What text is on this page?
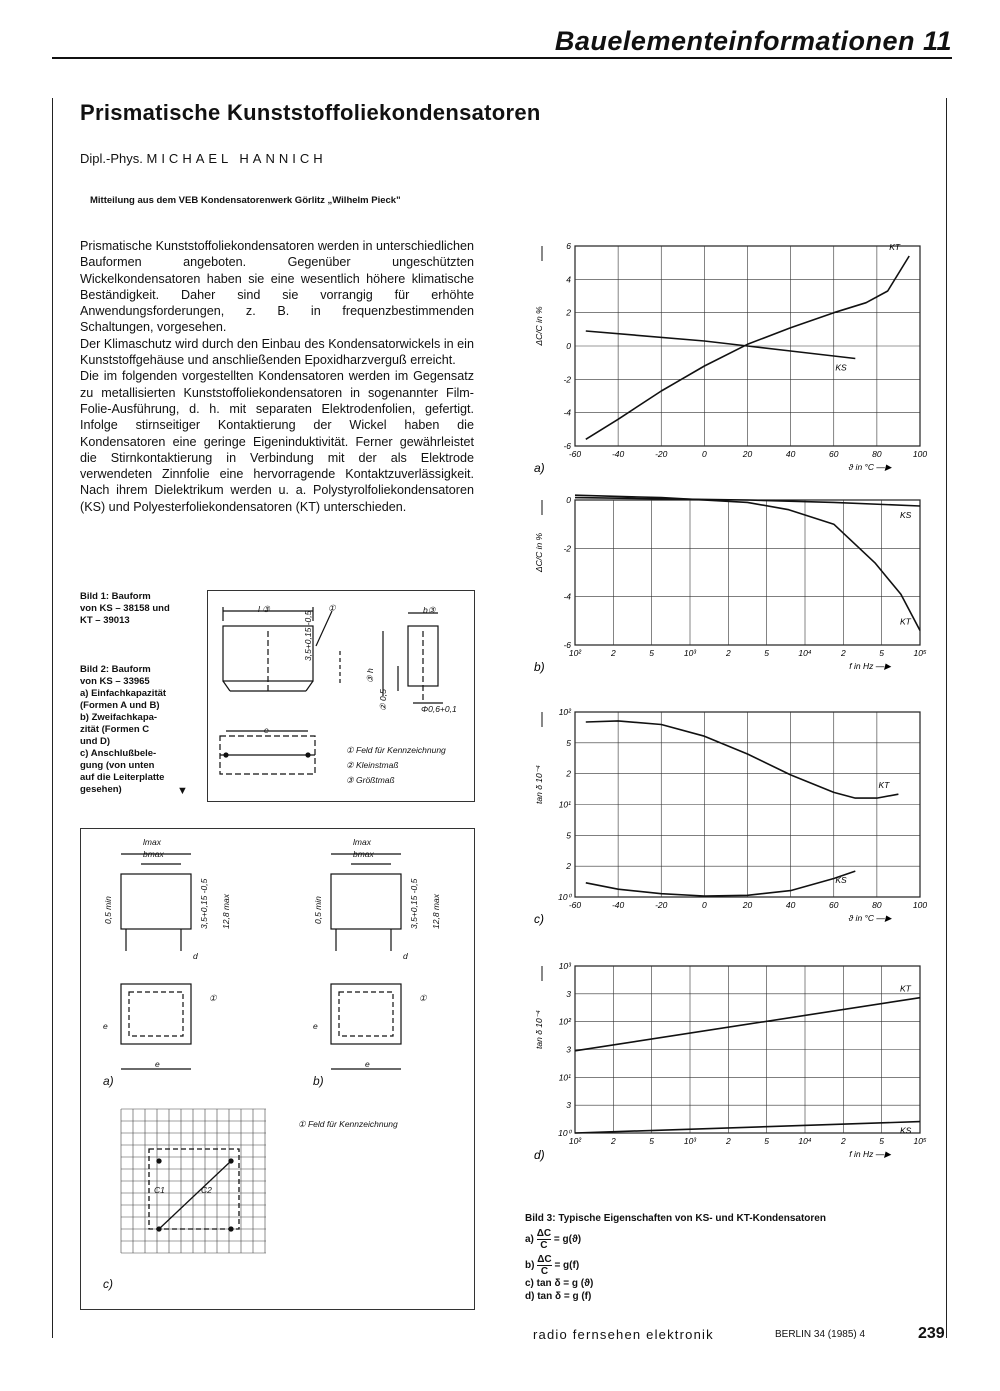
Bauelementeinformationen 11
Prismatische Kunststoffoliekondensatoren
Dipl.-Phys. MICHAEL HANNICH
Mitteilung aus dem VEB Kondensatorenwerk Görlitz „Wilhelm Pieck"

Prismatische Kunststoffoliekondensatoren werden in unterschiedlichen Bauformen angeboten. Gegenüber ungeschützten Wickelkondensatoren haben sie eine wesentlich höhere klimatische Beständigkeit. Daher sind sie vorrangig für erhöhte Anwendungsforderungen, z. B. in frequenzbestimmenden Schaltungen, vorgesehen.

Der Klimaschutz wird durch den Einbau des Kondensatorwickels in ein Kunststoffgehäuse und anschließenden Epoxidharzverguß erreicht.

Die im folgenden vorgestellten Kondensatoren werden im Gegensatz zu metallisierten Kunststoffoliekondensatoren in sogenannter Film-Folie-Ausführung, d. h. mit separaten Elektrodenfolien, gefertigt. Infolge stirnseitiger Kontaktierung der Wickel haben die Kondensatoren eine geringe Eigeninduktivität. Ferner gewährleistet die Stirnkontaktierung in Verbindung mit der als Elektrode verwendeten Zinnfolie eine hervorragende Kontaktzuverlässigkeit. Nach ihrem Dielektrikum werden u. a. Polystyrolfoliekondensatoren (KS) und Polyesterfoliekondensatoren (KT) unterschieden.

Bild 1: Bauform
von KS – 38158 und
KT – 39013
Bild 2: Bauform
von KS – 33965
a) Einfachkapazität
(Formen A und B)
b) Zweifachkapa-
zität (Formen C
und D)
c) Anschlußbele-
gung (von unten
auf die Leiterplatte
gesehen)	▼
l ③	①	b③
3,5+0,15 -0,5
③ h
② 0,5	Φ0,6+0,1
e
① Feld für Kennzeichnung
② Kleinstmaß
③ Größtmaß
lmax
bmax
lmax
bmax
12,8 max	12,8 max
3,5+0,15 -0,5	3,5+0,15 -0,5
0,5 min	0,5 min
d	d
①	①
e	e
e	e
a)	b)
c)
① Feld für Kennzeichnung
C1	C2
-60	-40	-20	0	20	40	60	80	100
6
4
2
0
-2
-4
-6
ϑ in °C —▶
ΔC/C in %
a)
KT
KS
10²	2	5	10³	2	5	10⁴	2	5	10⁵
0
-2
-4
-6
f in Hz —▶
ΔC/C in %
b)
KS
KT
-60	-40	-20	0	20	40	60	80	100
10²
5
2
10¹
5
2
10⁰
ϑ in °C —▶
tan δ 10⁻⁴
c)
KT
KS
10²	2	5	10³	2	5	10⁴	2	5	10⁵
10³
3
10²
3
10¹
3
10⁰
f in Hz —▶
tan δ 10⁻⁴
d)
KT
KS
Bild 3: Typische Eigenschaften von KS- und KT-Kondensatoren
$a) \frac{\Delta C}{C} = g(ϑ)$
$b) \frac{\Delta C}{C} = g(f)$
c) tan δ = g (ϑ)
d) tan δ = g (f)
radio fernsehen elektronik	BERLIN 34 (1985) 4	239
